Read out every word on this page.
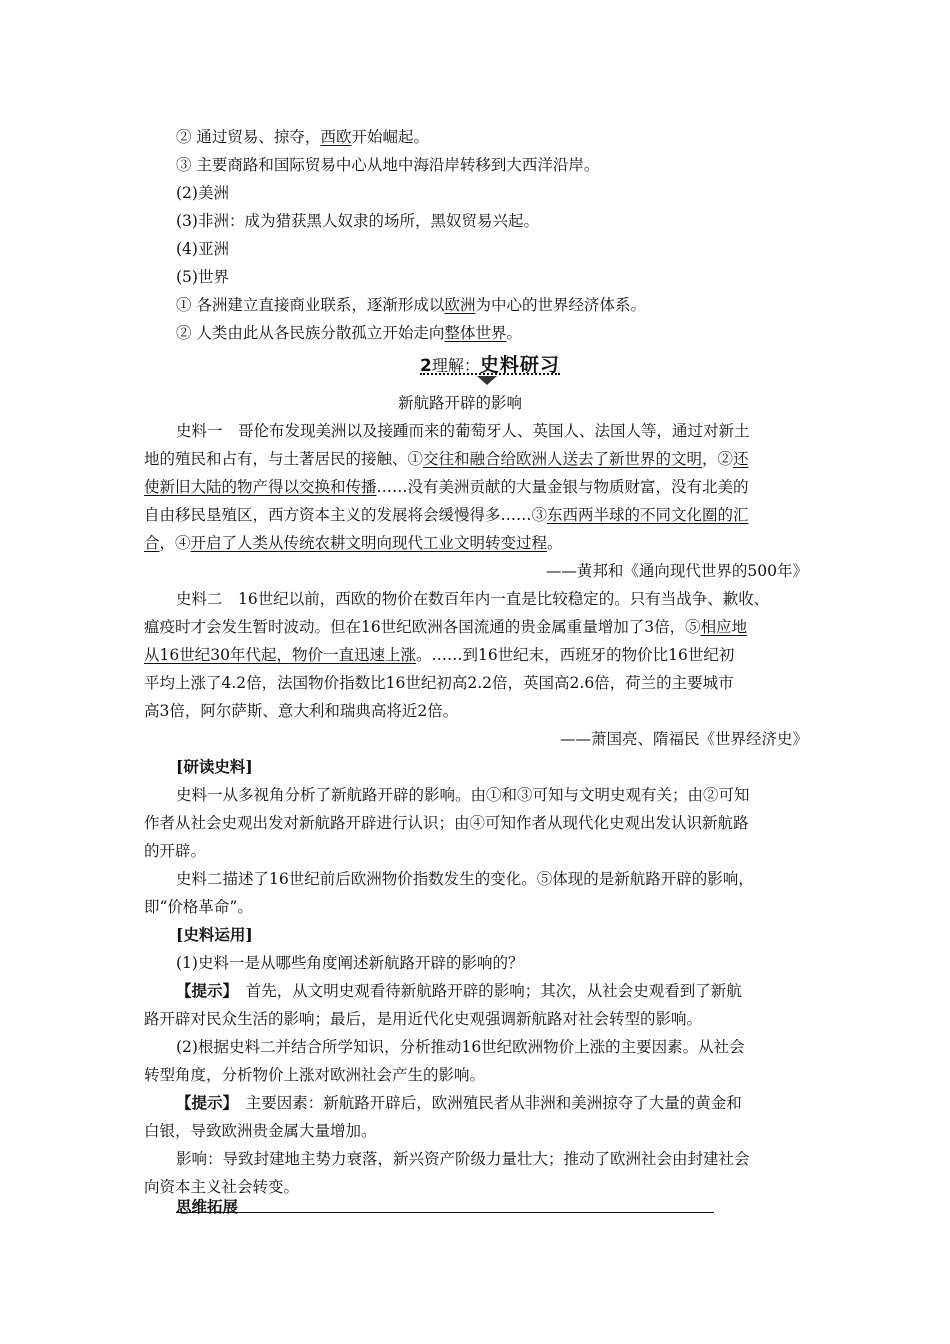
② 通过贸易、掠夺，西欧开始崛起。
③ 主要商路和国际贸易中心从地中海沿岸转移到大西洋沿岸。
(2)美洲
(3)非洲：成为猎获黑人奴隶的场所，黑奴贸易兴起。
(4)亚洲
(5)世界
① 各洲建立直接商业联系，逐渐形成以欧洲为中心的世界经济体系。
② 人类由此从各民族分散孤立开始走向整体世界。
2理解：史料研习
新航路开辟的影响
史料一　哥伦布发现美洲以及接踵而来的葡萄牙人、英国人、法国人等，通过对新土
地的殖民和占有，与土著居民的接触、①交往和融合给欧洲人送去了新世界的文明，②还
使新旧大陆的物产得以交换和传播……没有美洲贡献的大量金银与物质财富，没有北美的
自由移民垦殖区，西方资本主义的发展将会缓慢得多……③东西两半球的不同文化圈的汇
合，④开启了人类从传统农耕文明向现代工业文明转变过程。
——黄邦和《通向现代世界的500年》
史料二　16世纪以前，西欧的物价在数百年内一直是比较稳定的。只有当战争、歉收、
瘟疫时才会发生暂时波动。但在16世纪欧洲各国流通的贵金属重量增加了3倍，⑤相应地
从16世纪30年代起，物价一直迅速上涨。……到16世纪末，西班牙的物价比16世纪初
平均上涨了4.2倍，法国物价指数比16世纪初高2.2倍，英国高2.6倍，荷兰的主要城市
高3倍，阿尔萨斯、意大利和瑞典高将近2倍。
——萧国亮、隋福民《世界经济史》
[研读史料]
史料一从多视角分析了新航路开辟的影响。由①和③可知与文明史观有关；由②可知
作者从社会史观出发对新航路开辟进行认识；由④可知作者从现代化史观出发认识新航路
的开辟。
史料二描述了16世纪前后欧洲物价指数发生的变化。⑤体现的是新航路开辟的影响，
即“价格革命”。
[史料运用]
(1)史料一是从哪些角度阐述新航路开辟的影响的？
【提示】　首先，从文明史观看待新航路开辟的影响；其次，从社会史观看到了新航
路开辟对民众生活的影响；最后，是用近代化史观强调新航路对社会转型的影响。
(2)根据史料二并结合所学知识，分析推动16世纪欧洲物价上涨的主要因素。从社会
转型角度，分析物价上涨对欧洲社会产生的影响。
【提示】　主要因素：新航路开辟后，欧洲殖民者从非洲和美洲掠夺了大量的黄金和
白银，导致欧洲贵金属大量增加。
影响：导致封建地主势力衰落，新兴资产阶级力量壮大；推动了欧洲社会由封建社会
向资本主义社会转变。
思维拓展
